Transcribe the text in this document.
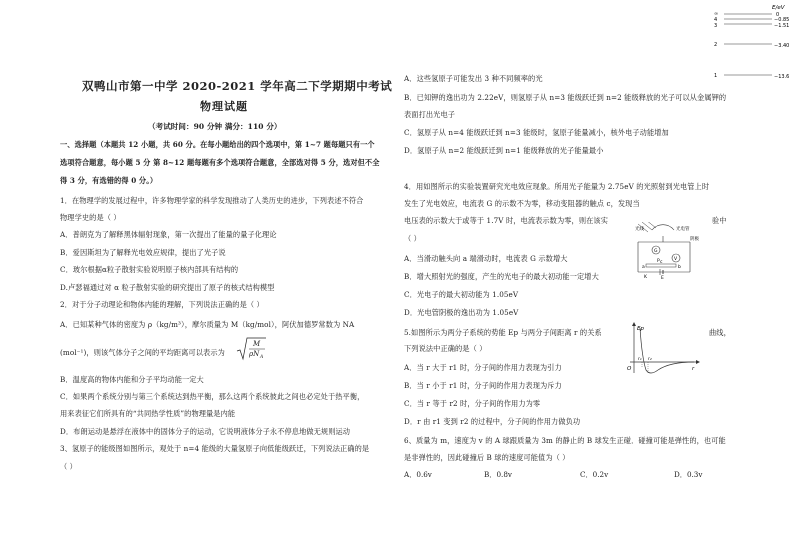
E/eV
∞	0
4	−0.85
3	−1.51
2	−3.40
1	−13.6
双鸭山市第一中学 2020-2021 学年高二下学期期中考试
物理试题
（考试时间：90 分钟 满分：110 分）
一、选择题（本题共 12 小题，共 60 分。在每小题给出的四个选项中，第 1~7 题每题只有一个
选项符合题意，每小题 5 分 第 8~12 题每题有多个选项符合题意，全部选对得 5 分，选对但不全
得 3 分，有选错的得 0 分。）
1．在物理学的发展过程中，许多物理学家的科学发现推动了人类历史的进步，下列表述不符合
物理学史的是（ ）
A．普朗克为了解释黑体辐射现象，第一次提出了能量的量子化理论
B．爱因斯坦为了解释光电效应规律，提出了光子说
C．玻尔根据α粒子散射实验说明原子核内部具有结构的
D.卢瑟福通过对 α 粒子散射实验的研究提出了原子的核式结构模型
2．对于分子动理论和物体内能的理解，下列说法正确的是（ ）
A．已知某种气体的密度为 ρ（kg/m³），摩尔质量为 M（kg/mol），阿伏加德罗常数为 NA
(mol⁻¹)，则该气体分子之间的平均距离可以表示为
M
ρN A
B．温度高的物体内能和分子平均动能一定大
C．如果两个系统分别与第三个系统达到热平衡，那么这两个系统彼此之间也必定处于热平衡，
用来表征它们所具有的“共同热学性质”的物理量是内能
D．布朗运动是悬浮在液体中的固体分子的运动，它说明液体分子永不停息地做无规则运动
3、氢原子的能级图如图所示，观处于 n=4 能级的大量氢原子向低能级跃迁，下列说法正确的是
（ ）
A．这些氢原子可能发出 3 种不同频率的光
B．已知钾的逸出功为 2.22eV，则氢原子从 n=3 能级跃迁到 n=2 能级释放的光子可以从金属钾的
表面打出光电子
C．氢原子从 n=4 能级跃迁到 n=3 能级时，氢原子能量减小，核外电子动能增加
D．氢原子从 n=2 能级跃迁到 n=1 能级释放的光子能量最小
4．用如图所示的实验装置研究光电效应现象。所用光子能量为 2.75eV 的光照射到光电管上时
发生了光电效应，电流表 G 的示数不为零，移动变阻器的触点 c，发现当
电压表的示数大于或等于 1.7V 时，电流表示数为零，则在该实	验中
（ ）
光线	光电管
阴极
G
V
P
a
c
b
E
K
A．当滑动触头向 a 端滑动时，电流表 G 示数增大
B．增大照射光的强度，产生的光电子的最大初动能一定增大
C．光电子的最大初动能为 1.05eV
D．光电管阴极的逸出功为 1.05eV
5.如图所示为两分子系统的势能 Ep 与两分子间距离 r 的关系	曲线，
下列说法中正确的是（ ）
Ep
r
O
r₁ r₂
A．当 r 大于 r1 时，分子间的作用力表现为引力
B．当 r 小于 r1 时，分子间的作用力表现为斥力
C．当 r 等于 r2 时，分子间的作用力为零
D．r 由 r1 变到 r2 的过程中，分子间的作用力做负功
6、质量为 m，速度为 v 的 A 球跟质量为 3m 的静止的 B 球发生正碰．碰撞可能是弹性的，也可能
是非弹性的，因此碰撞后 B 球的速度可能值为（ ）
A．0.6v	B．0.8v	C．0.2v	D．0.3v
